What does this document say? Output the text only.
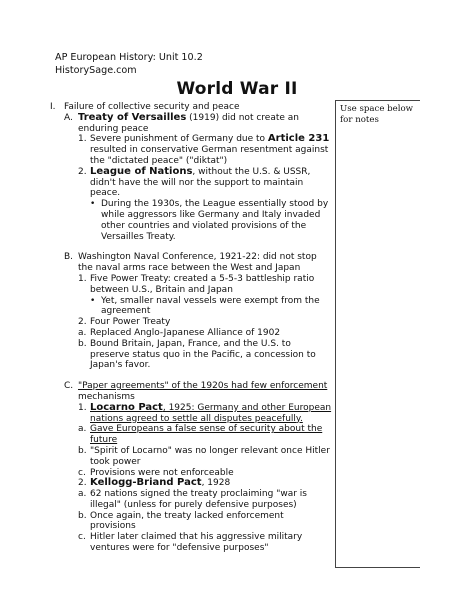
AP European History: Unit 10.2
HistorySage.com
World War II
Use space below for notes
I. Failure of collective security and peace
A. Treaty of Versailles (1919) did not create an enduring peace
1. Severe punishment of Germany due to Article 231 resulted in conservative German resentment against the "dictated peace" ("diktat")
2. League of Nations, without the U.S. & USSR, didn't have the will nor the support to maintain peace.
• During the 1930s, the League essentially stood by while aggressors like Germany and Italy invaded other countries and violated provisions of the Versailles Treaty.
B. Washington Naval Conference, 1921-22: did not stop the naval arms race between the West and Japan
1. Five Power Treaty: created a 5-5-3 battleship ratio between U.S., Britain and Japan
• Yet, smaller naval vessels were exempt from the agreement
2. Four Power Treaty
a. Replaced Anglo-Japanese Alliance of 1902
b. Bound Britain, Japan, France, and the U.S. to preserve status quo in the Pacific, a concession to Japan's favor.
C. "Paper agreements" of the 1920s had few enforcement mechanisms
1. Locarno Pact, 1925: Germany and other European nations agreed to settle all disputes peacefully.
a. Gave Europeans a false sense of security about the future
b. "Spirit of Locarno" was no longer relevant once Hitler took power
c. Provisions were not enforceable
2. Kellogg-Briand Pact, 1928
a. 62 nations signed the treaty proclaiming "war is illegal" (unless for purely defensive purposes)
b. Once again, the treaty lacked enforcement provisions
c. Hitler later claimed that his aggressive military ventures were for "defensive purposes"
